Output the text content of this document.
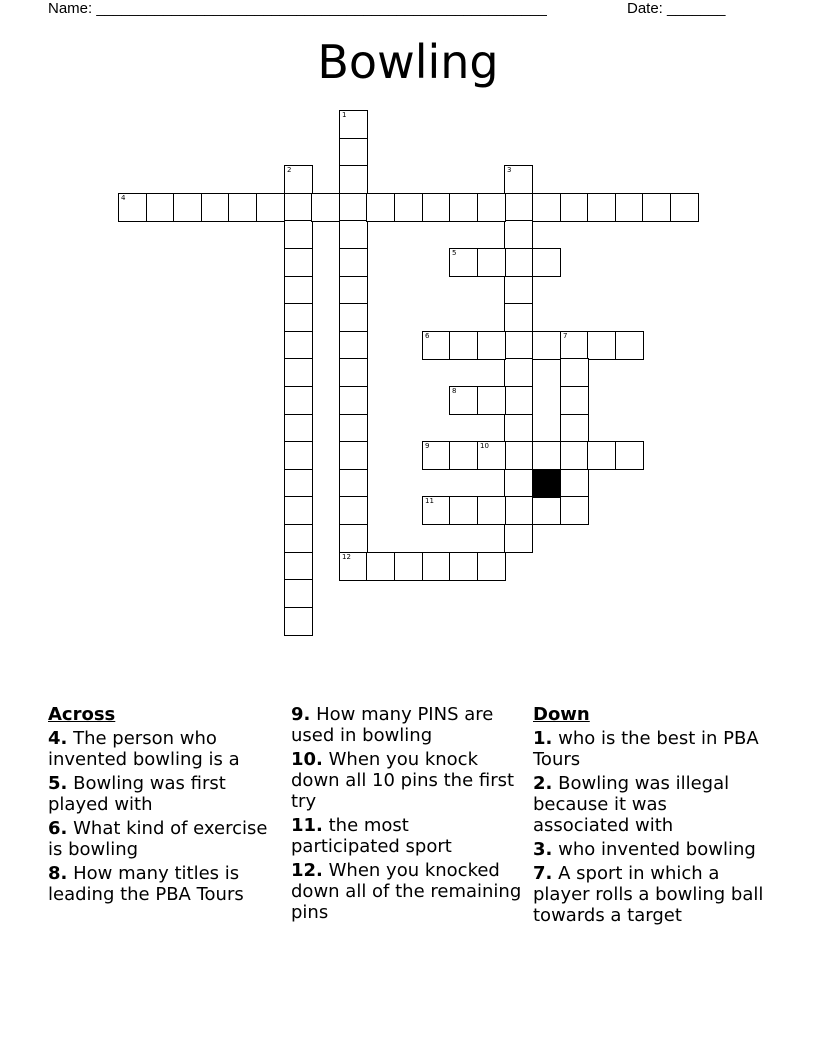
Name: ______________________________________________________	Date: _______
Bowling
1
12
2	3
4
5
6	7
8
9	10
11
Across
4. The person who invented bowling is a
5. Bowling was first played with
6. What kind of exercise is bowling
8. How many titles is leading the PBA Tours
9. How many PINS are used in bowling
10. When you knock down all 10 pins the first try
11. the most participated sport
12. When you knocked down all of the remaining pins
Down
1. who is the best in PBA Tours
2. Bowling was illegal because it was associated with
3. who invented bowling
7. A sport in which a player rolls a bowling ball towards a target
